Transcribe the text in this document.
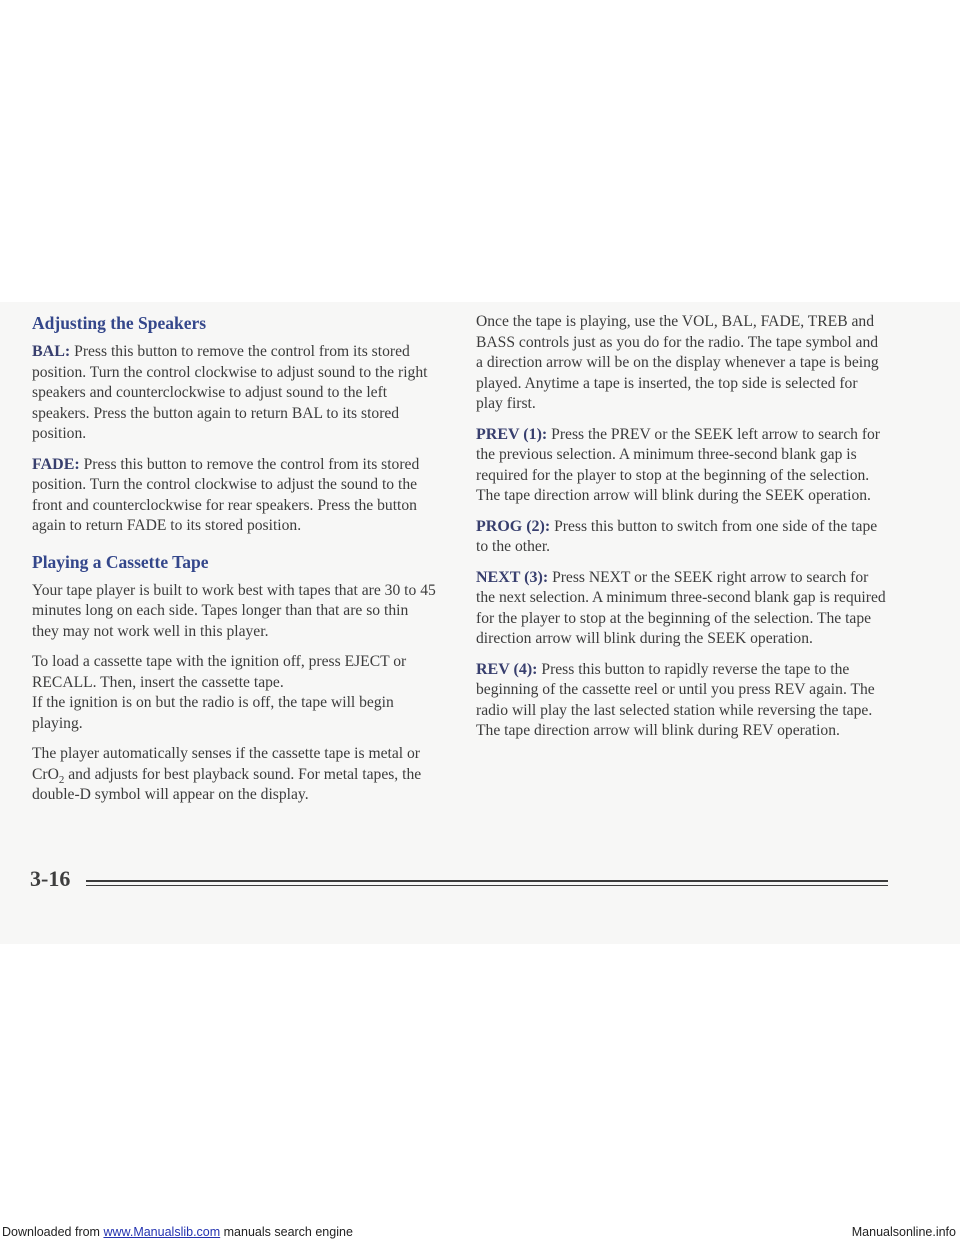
Adjusting the Speakers

BAL: Press this button to remove the control from its stored position. Turn the control clockwise to adjust sound to the right speakers and counterclockwise to adjust sound to the left speakers. Press the button again to return BAL to its stored position.

FADE: Press this button to remove the control from its stored position. Turn the control clockwise to adjust the sound to the front and counterclockwise for rear speakers. Press the button again to return FADE to its stored position.

Playing a Cassette Tape

Your tape player is built to work best with tapes that are 30 to 45 minutes long on each side. Tapes longer than that are so thin they may not work well in this player.

To load a cassette tape with the ignition off, press EJECT or RECALL. Then, insert the cassette tape.
If the ignition is on but the radio is off, the tape will begin playing.

The player automatically senses if the cassette tape is metal or CrO$_2$ and adjusts for best playback sound. For metal tapes, the double-D symbol will appear on the display.

Once the tape is playing, use the VOL, BAL, FADE, TREB and BASS controls just as you do for the radio. The tape symbol and a direction arrow will be on the display whenever a tape is being played. Anytime a tape is inserted, the top side is selected for play first.

PREV (1): Press the PREV or the SEEK left arrow to search for the previous selection. A minimum three-second blank gap is required for the player to stop at the beginning of the selection. The tape direction arrow will blink during the SEEK operation.

PROG (2): Press this button to switch from one side of the tape to the other.

NEXT (3): Press NEXT or the SEEK right arrow to search for the next selection. A minimum three-second blank gap is required for the player to stop at the beginning of the selection. The tape direction arrow will blink during the SEEK operation.

REV (4): Press this button to rapidly reverse the tape to the beginning of the cassette reel or until you press REV again. The radio will play the last selected station while reversing the tape. The tape direction arrow will blink during REV operation.

3-16
Downloaded from www.Manualslib.com manuals search engine	Manualsonline.info
